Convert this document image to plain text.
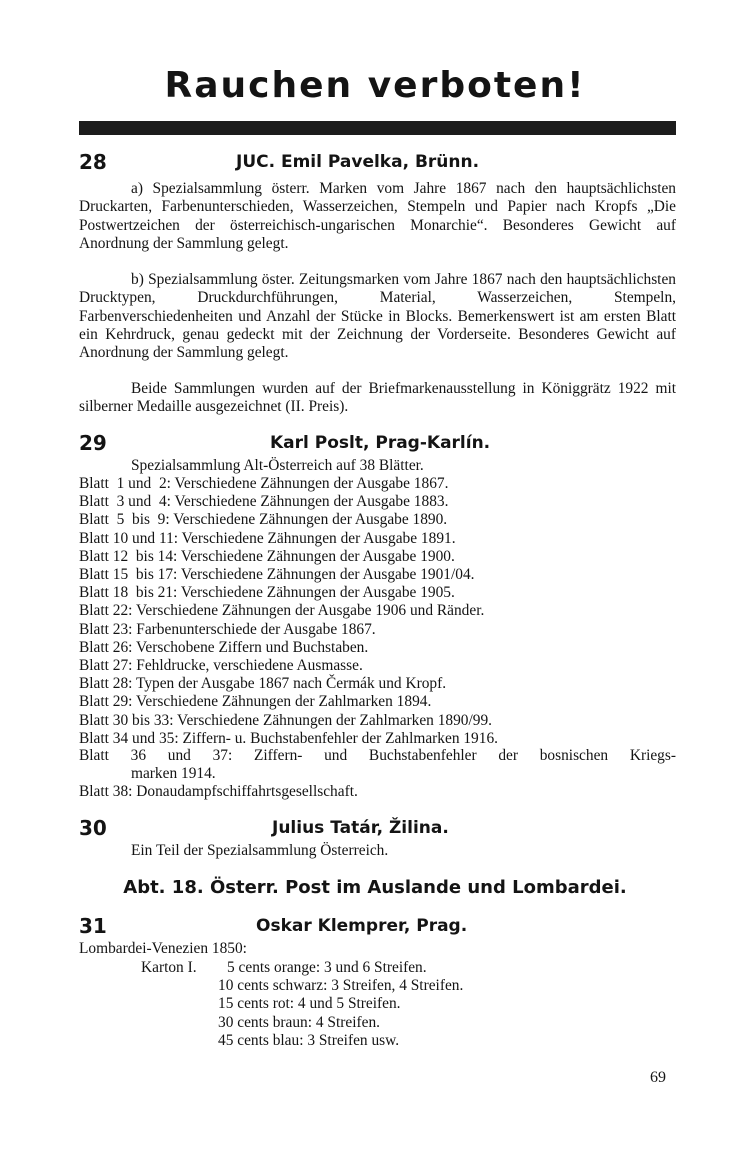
Rauchen verboten!
28	JUC. Emil Pavelka, Brünn.
a) Spezialsammlung österr. Marken vom Jahre 1867 nach den hauptsächlichsten Druckarten, Farbenunterschieden, Wasserzeichen, Stempeln und Papier nach Kropfs „Die Postwertzeichen der österreichisch-ungarischen Monarchie“. Besonderes Gewicht auf Anordnung der Sammlung gelegt.
b) Spezialsammlung öster. Zeitungsmarken vom Jahre 1867 nach den hauptsächlichsten Drucktypen, Druckdurchführungen, Material, Wasserzeichen, Stempeln, Farbenverschiedenheiten und Anzahl der Stücke in Blocks. Bemerkenswert ist am ersten Blatt ein Kehrdruck, genau gedeckt mit der Zeichnung der Vorderseite. Besonderes Gewicht auf Anordnung der Sammlung gelegt.
Beide Sammlungen wurden auf der Briefmarkenausstellung in Königgrätz 1922 mit silberner Medaille ausgezeichnet (II. Preis).
29	Karl Poslt, Prag-Karlín.
Spezialsammlung Alt-Österreich auf 38 Blätter.
Blatt  1 und  2: Verschiedene Zähnungen der Ausgabe 1867.
Blatt  3 und  4: Verschiedene Zähnungen der Ausgabe 1883.
Blatt  5  bis  9: Verschiedene Zähnungen der Ausgabe 1890.
Blatt 10 und 11: Verschiedene Zähnungen der Ausgabe 1891.
Blatt 12  bis 14: Verschiedene Zähnungen der Ausgabe 1900.
Blatt 15  bis 17: Verschiedene Zähnungen der Ausgabe 1901/04.
Blatt 18  bis 21: Verschiedene Zähnungen der Ausgabe 1905.
Blatt 22: Verschiedene Zähnungen der Ausgabe 1906 und Ränder.
Blatt 23: Farbenunterschiede der Ausgabe 1867.
Blatt 26: Verschobene Ziffern und Buchstaben.
Blatt 27: Fehldrucke, verschiedene Ausmasse.
Blatt 28: Typen der Ausgabe 1867 nach Čermák und Kropf.
Blatt 29: Verschiedene Zähnungen der Zahlmarken 1894.
Blatt 30 bis 33: Verschiedene Zähnungen der Zahlmarken 1890/99.
Blatt 34 und 35: Ziffern- u. Buchstabenfehler der Zahlmarken 1916.
Blatt 36 und 37: Ziffern- und Buchstabenfehler der bosnischen Kriegs-
marken 1914.
Blatt 38: Donaudampfschiffahrtsgesellschaft.
30	Julius Tatár, Žilina.
Ein Teil der Spezialsammlung Österreich.
Abt. 18. Österr. Post im Auslande und Lombardei.
31	Oskar Klemprer, Prag.
Lombardei-Venezien 1850:
Karton I. 5 cents orange: 3 und 6 Streifen.
10 cents schwarz: 3 Streifen, 4 Streifen.
15 cents rot: 4 und 5 Streifen.
30 cents braun: 4 Streifen.
45 cents blau: 3 Streifen usw.
69
